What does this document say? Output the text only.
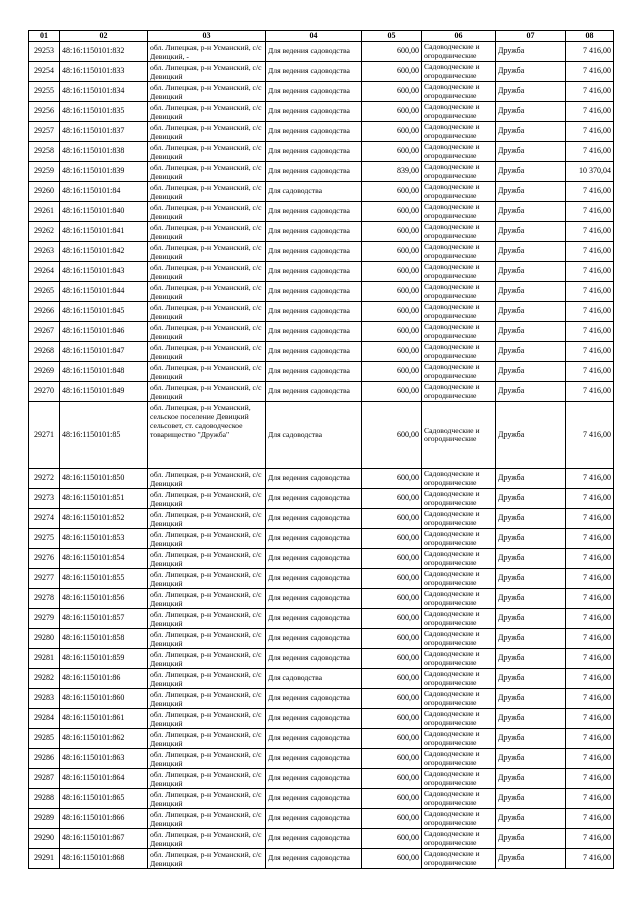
01	02	03	04	05	06	07	08
29253	48:16:1150101:832	обл. Липецкая, р-н Усманский, с/с Девицкий, -	Для ведения садоводства	600,00	Садоводческие и огороднические	Дружба	7 416,00
29254	48:16:1150101:833	обл. Липецкая, р-н Усманский, с/с Девицкий	Для ведения садоводства	600,00	Садоводческие и огороднические	Дружба	7 416,00
29255	48:16:1150101:834	обл. Липецкая, р-н Усманский, с/с Девицкий	Для ведения садоводства	600,00	Садоводческие и огороднические	Дружба	7 416,00
29256	48:16:1150101:835	обл. Липецкая, р-н Усманский, с/с Девицкий	Для ведения садоводства	600,00	Садоводческие и огороднические	Дружба	7 416,00
29257	48:16:1150101:837	обл. Липецкая, р-н Усманский, с/с Девицкий	Для ведения садоводства	600,00	Садоводческие и огороднические	Дружба	7 416,00
29258	48:16:1150101:838	обл. Липецкая, р-н Усманский, с/с Девицкий	Для ведения садоводства	600,00	Садоводческие и огороднические	Дружба	7 416,00
29259	48:16:1150101:839	обл. Липецкая, р-н Усманский, с/с Девицкий	Для ведения садоводства	839,00	Садоводческие и огороднические	Дружба	10 370,04
29260	48:16:1150101:84	обл. Липецкая, р-н Усманский, с/с Девицкий	Для садоводства	600,00	Садоводческие и огороднические	Дружба	7 416,00
29261	48:16:1150101:840	обл. Липецкая, р-н Усманский, с/с Девицкий	Для ведения садоводства	600,00	Садоводческие и огороднические	Дружба	7 416,00
29262	48:16:1150101:841	обл. Липецкая, р-н Усманский, с/с Девицкий	Для ведения садоводства	600,00	Садоводческие и огороднические	Дружба	7 416,00
29263	48:16:1150101:842	обл. Липецкая, р-н Усманский, с/с Девицкий	Для ведения садоводства	600,00	Садоводческие и огороднические	Дружба	7 416,00
29264	48:16:1150101:843	обл. Липецкая, р-н Усманский, с/с Девицкий	Для ведения садоводства	600,00	Садоводческие и огороднические	Дружба	7 416,00
29265	48:16:1150101:844	обл. Липецкая, р-н Усманский, с/с Девицкий	Для ведения садоводства	600,00	Садоводческие и огороднические	Дружба	7 416,00
29266	48:16:1150101:845	обл. Липецкая, р-н Усманский, с/с Девицкий	Для ведения садоводства	600,00	Садоводческие и огороднические	Дружба	7 416,00
29267	48:16:1150101:846	обл. Липецкая, р-н Усманский, с/с Девицкий	Для ведения садоводства	600,00	Садоводческие и огороднические	Дружба	7 416,00
29268	48:16:1150101:847	обл. Липецкая, р-н Усманский, с/с Девицкий	Для ведения садоводства	600,00	Садоводческие и огороднические	Дружба	7 416,00
29269	48:16:1150101:848	обл. Липецкая, р-н Усманский, с/с Девицкий	Для ведения садоводства	600,00	Садоводческие и огороднические	Дружба	7 416,00
29270	48:16:1150101:849	обл. Липецкая, р-н Усманский, с/с Девицкий	Для ведения садоводства	600,00	Садоводческие и огороднические	Дружба	7 416,00
29271	48:16:1150101:85	обл. Липецкая, р-н Усманский, сельское поселение Девицкий сельсовет, ст. садоводческое товарищество "Дружба"	Для садоводства	600,00	Садоводческие и огороднические	Дружба	7 416,00
29272	48:16:1150101:850	обл. Липецкая, р-н Усманский, с/с Девицкий	Для ведения садоводства	600,00	Садоводческие и огороднические	Дружба	7 416,00
29273	48:16:1150101:851	обл. Липецкая, р-н Усманский, с/с Девицкий	Для ведения садоводства	600,00	Садоводческие и огороднические	Дружба	7 416,00
29274	48:16:1150101:852	обл. Липецкая, р-н Усманский, с/с Девицкий	Для ведения садоводства	600,00	Садоводческие и огороднические	Дружба	7 416,00
29275	48:16:1150101:853	обл. Липецкая, р-н Усманский, с/с Девицкий	Для ведения садоводства	600,00	Садоводческие и огороднические	Дружба	7 416,00
29276	48:16:1150101:854	обл. Липецкая, р-н Усманский, с/с Девицкий	Для ведения садоводства	600,00	Садоводческие и огороднические	Дружба	7 416,00
29277	48:16:1150101:855	обл. Липецкая, р-н Усманский, с/с Девицкий	Для ведения садоводства	600,00	Садоводческие и огороднические	Дружба	7 416,00
29278	48:16:1150101:856	обл. Липецкая, р-н Усманский, с/с Девицкий	Для ведения садоводства	600,00	Садоводческие и огороднические	Дружба	7 416,00
29279	48:16:1150101:857	обл. Липецкая, р-н Усманский, с/с Девицкий	Для ведения садоводства	600,00	Садоводческие и огороднические	Дружба	7 416,00
29280	48:16:1150101:858	обл. Липецкая, р-н Усманский, с/с Девицкий	Для ведения садоводства	600,00	Садоводческие и огороднические	Дружба	7 416,00
29281	48:16:1150101:859	обл. Липецкая, р-н Усманский, с/с Девицкий	Для ведения садоводства	600,00	Садоводческие и огороднические	Дружба	7 416,00
29282	48:16:1150101:86	обл. Липецкая, р-н Усманский, с/с Девицкий	Для садоводства	600,00	Садоводческие и огороднические	Дружба	7 416,00
29283	48:16:1150101:860	обл. Липецкая, р-н Усманский, с/с Девицкий	Для ведения садоводства	600,00	Садоводческие и огороднические	Дружба	7 416,00
29284	48:16:1150101:861	обл. Липецкая, р-н Усманский, с/с Девицкий	Для ведения садоводства	600,00	Садоводческие и огороднические	Дружба	7 416,00
29285	48:16:1150101:862	обл. Липецкая, р-н Усманский, с/с Девицкий	Для ведения садоводства	600,00	Садоводческие и огороднические	Дружба	7 416,00
29286	48:16:1150101:863	обл. Липецкая, р-н Усманский, с/с Девицкий	Для ведения садоводства	600,00	Садоводческие и огороднические	Дружба	7 416,00
29287	48:16:1150101:864	обл. Липецкая, р-н Усманский, с/с Девицкий	Для ведения садоводства	600,00	Садоводческие и огороднические	Дружба	7 416,00
29288	48:16:1150101:865	обл. Липецкая, р-н Усманский, с/с Девицкий	Для ведения садоводства	600,00	Садоводческие и огороднические	Дружба	7 416,00
29289	48:16:1150101:866	обл. Липецкая, р-н Усманский, с/с Девицкий	Для ведения садоводства	600,00	Садоводческие и огороднические	Дружба	7 416,00
29290	48:16:1150101:867	обл. Липецкая, р-н Усманский, с/с Девицкий	Для ведения садоводства	600,00	Садоводческие и огороднические	Дружба	7 416,00
29291	48:16:1150101:868	обл. Липецкая, р-н Усманский, с/с Девицкий	Для ведения садоводства	600,00	Садоводческие и огороднические	Дружба	7 416,00
